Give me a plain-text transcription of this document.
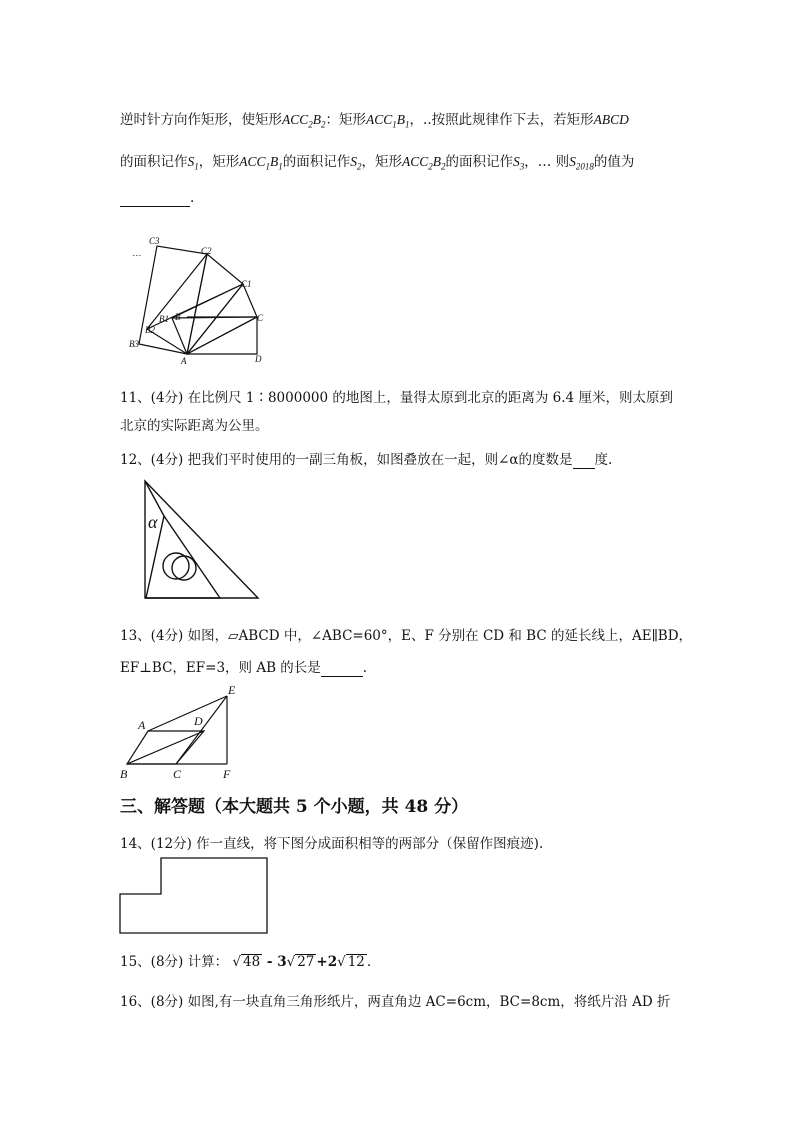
逆时针方向作矩形，使矩形$ACC_2B_2$：矩形$ACC_1B_1$，..按照此规律作下去，若矩形ABCD
的面积记作$S_1$，矩形$ACC_1B_1$的面积记作$S_2$，矩形$ACC_2B_2$的面积记作$S_3$，… 则$S_{2018}$的值为
.
C3
C2
C1
C
B
B1
B2
B3
A	D
…
11、(4分) 在比例尺 1∶8000000 的地图上，量得太原到北京的距离为 6.4 厘米，则太原到
北京的实际距离为公里。
12、(4分) 把我们平时使用的一副三角板，如图叠放在一起，则∠α的度数是 度.
α
13、(4分) 如图，▱ABCD 中，∠ABC=60°，E、F 分别在 CD 和 BC 的延长线上，AE∥BD，
EF⊥BC，EF=3，则 AB 的长是	.
E
A	D
B	C	F
三、解答题（本大题共 5 个小题，共 48 分）
14、(12分) 作一直线，将下图分成面积相等的两部分（保留作图痕迹).
15、(8分) 计算： √ 48 - 3√ 27 +2√ 12 .
16、(8分) 如图,有一块直角三角形纸片，两直角边 AC=6cm，BC=8cm，将纸片沿 AD 折
